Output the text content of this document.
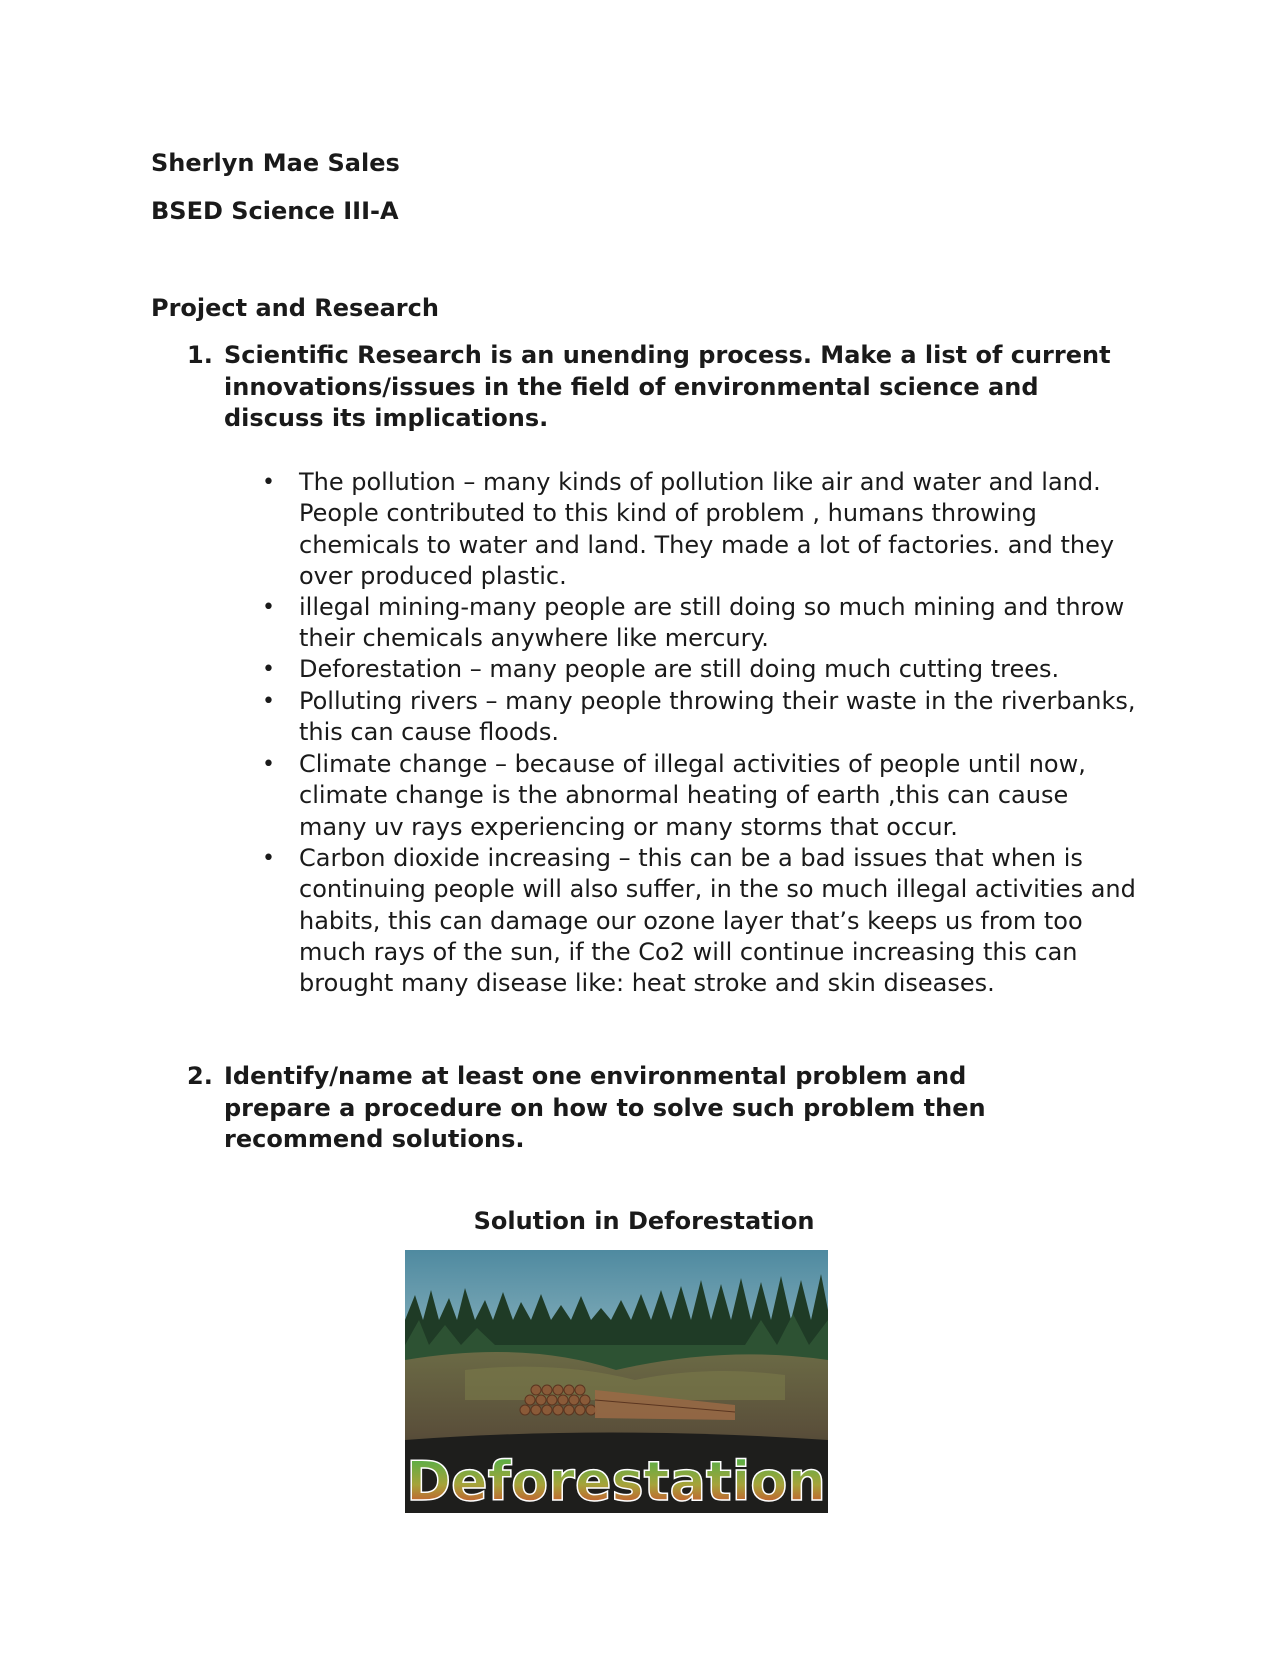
Sherlyn Mae Sales
BSED Science III-A
Project and Research
1. Scientific Research is an unending process. Make a list of current innovations/issues in the field of environmental science and discuss its implications.
• The pollution – many kinds of pollution like air and water and land. People contributed to this kind of problem , humans throwing chemicals to water and land. They made a lot of factories. and they over produced plastic.
• illegal mining-many people are still doing so much mining and throw their chemicals anywhere like mercury.
• Deforestation – many people are still doing much cutting trees.
• Polluting rivers – many people throwing their waste in the riverbanks, this can cause floods.
• Climate change – because of illegal activities of people until now, climate change is the abnormal heating of earth ,this can cause many uv rays experiencing or many storms that occur.
• Carbon dioxide increasing – this can be a bad issues that when is continuing people will also suffer, in the so much illegal activities and habits, this can damage our ozone layer that’s keeps us from too much rays of the sun, if the Co2 will continue increasing this can brought many disease like: heat stroke and skin diseases.
2. Identify/name at least one environmental problem and prepare a procedure on how to solve such problem then recommend solutions.
Solution in Deforestation
Deforestation
